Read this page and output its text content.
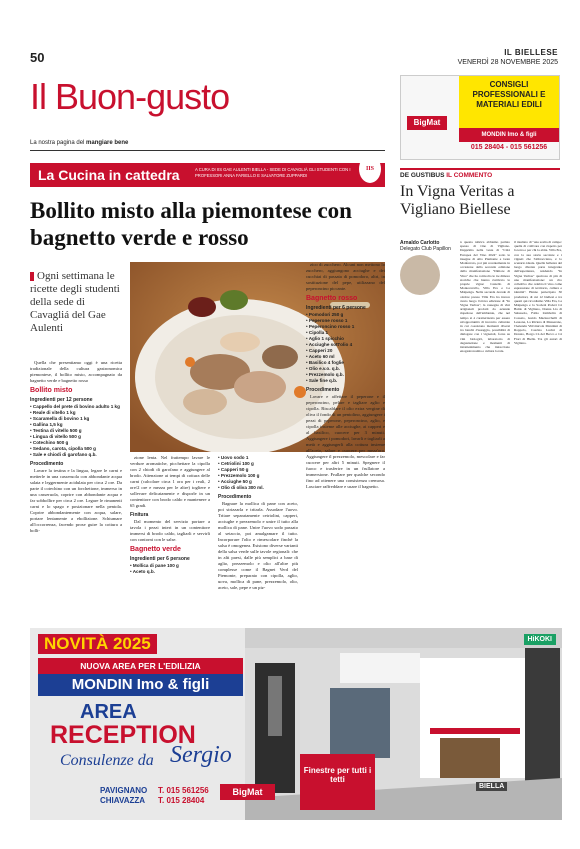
50	IL BIELLESE
VENERDÌ 28 NOVEMBRE 2025
Il Buon-gusto
La nostra pagina del mangiare bene
La Cucina in cattedra	A CURA DI IIS GAE AULENTI BIELLA - SEDE DI CAVAGLIÀ GLI STUDENTI CON I PROFESSORI ANNA FARIELLO E SALVATORE ZUPPARDI
IIS
Bollito misto alla piemontese con bagnetto verde e rosso
Ogni settimana le ricette degli studenti della sede di Cavagliá del Gae Aulenti

Quella che presentiamo oggi è una ricetta tradizionale della cultura gastronomica piemontese, il bollito misto, accompagnato da bagnetto verde e bagnetto rosso

Bollito misto
Ingredienti per 12 persone
• Cappello del prete di bovino adulto 1 kg
• Reale di vitello 1 kg
• Scaramella di bovino 1 kg
• Gallina 1,5 kg
• Testina di vitello 500 g
• Lingua di vitello 500 g
• Cotechino 500 g
• Sedano, carota, cipolla 500 g
• Sale e chiodi di garofano q.b.
Procedimento

Lavare la testina e la lingua, legare le carni e metterle in una casseruola con abbondante acqua salata e leggermente acidulata per circa 2 ore. Da parte il cotechino con un forchettone, immerso in una casseruola, coprire con abbondante acqua e far sobbollire per circa 2 ore. Legare le rimanenti carni e lo spago e posizionare nella pentola. Coprire abbondantemente con acqua, salare, portare lentamente a ebollizione. Schiumare all'occorrenza, facendo prose guire la cottura a bolli-

zione lenta. Nel frattempo lavare le verdure aromatiche, picchettare la cipolla con 2 chiodi di garofano e aggiungere al brodo. Attenzione ai tempi di cottura delle carni (calcolare circa 1 ora per i reali, 2 ore/2 ore e mezza per le altre) togliere e sollevare delicatamente e disporle in un contenitore con brodo caldo e mantenere a 65 gradi.

Finitura

Dal momento del servizio portare a tavola i pezzi interi in un contenitore immersi di brodo caldo, tagliarli e servirli con contorni con le salse.

Bagnetto verde
Ingredienti per 6 persone
• Mollica di pane 100 g
• Aceto q.b.
• Uovo sodo 1
• Cetriolini 100 g
• Capperi 50 g
• Prezzemolo 100 g
• Acciughe 50 g
• Olio di oliva 300 ml.
Procedimento

Bagnare la mollica di pane con aceto, poi strizzarla e tritarla. Assodare l'uovo. Tritare separatamente cetriolini, capperi, acciughe e prezzemolo e unire il tutto alla mollica di pane. Unire l'uovo sodo passato al setaccio, poi amalgamare il tutto. Incorporare l'olio e rimescolare finché la salsa è omogenea. Esistono diverse varianti della salsa verde sulle tavole regionali: che in alti paesi, dalle più semplici a base di aglio, prezzemolo e olio all'altre più complesse come il Bagnet Verd del Piemonte, preparato con cipolla, aglio, uova, mollica di pane, prezzemolo, olio, aceto, sale, pepe e un piz-

zico di zucchero. Alcuni non mettono lo zucchero, aggiungono acciughe e dei cucchiai di passata di pomodoro, altri, in sostituzione del pepe, utilizzano del peperoncino piccante.

Bagnetto rosso
Ingredienti per 6 persone
• Pomodori 250 g
• Peperone rosso 1
• Peperoncino rosso 1
• Cipolla 1
• Aglio 1 spicchio
• Acciughe sott'olio 4
• Capperi 20
• Aceto 60 ml
• Basilico 4 foglie
• Olio e.v.o. q.b.
• Prezzemolo q.b.
• Sale fine q.b.
Procedimento

Lavare e affettare il peperone e il peperoncino, pelare e tagliare aglio e cipolla. Riscaldare il olio extra vergine di oliva il fondo di un pentolino, aggiungere i pezzi di peperone, peperoncino, aglio, e cipolla insieme alle acciughe, ai capperi e al basilico, cuocere per 3 minuti. Aggiungere i pomodori, lavarli e tagliarli a metà e aggiungerli alla cottura insieme all'aceto, salare e cuocere per mezz'ora. Aggiungere il prezzemolo, mescolare e far cuocere per altri 5 minuti. Spegnere il fuoco e trasferire in un frullatore a immersione. Frullare per qualche secondo fino ad ottenere una consistenza cremosa. Lasciare raffreddare e usare il bagnetto.

CONSIGLI
PROFESSIONALI E
MATERIALI EDILI
BigMat
MONDIN Imo & figli
015 28404 - 015 561256
DE GUSTIBUS IL COMMENTO
In Vigna Veritas a Vigliano Biellese
Arnaldo Carlotto
Delegato Club Papillon

n questa rubrica abbiamo parlato spesso di vino di Vigliano. Dapprima nella veste di "Città Europea del Vino 2024" sotto le insegne di Alto Piemonte e Gran Monferrato, poi più recentemente in occasione della seconda edizione della manifestazione "Dimore di Vino" che ha coinvolto le tre dimore storiche che hanno riattivato le proprie vigne: Castello di Montecavallo, Villa Era e La Malpenga. Nella seconda decade di ottobre presso Villa Era ha invece avuto luogo l'ottava edizione di "In Vigna Veritas", la rassegna di vini artigianali prodotti da aziende rispettose dell'ambiente, che nel tempo si è caratterizzata per essere un'opportunità di incontro culturale in cui coesistono momenti diversi tra banchi d'assaggio, possibilità di dialogare con i vignaioli, focus su vini biologici, laboratorio di degustazione e momenti di intrattenimento che intrecciano enogastronomia e cultura locale.

il risultato di "una scelta di campo: quella di coltivare con rispetto per la terra e per chi la abita. Villa Era, con la sua storia secolare e i vigneti che l'abbracciano, è lo scenario ideale. Quella bellezza del luogo diventa parte integrante dell'esperienza, rendendo "In Vigna Veritas" qualcosa di più di una manifestazione: un rito collettivo che celebra il vino come espressione di territorio, cultura e identità". Hanno partecipato 30 produttori, di cui 12 biellesi e tra questi qui ricordiamo Villa Era, La Malpenga e la Società Poderi Cà Baldo di Vigliano, Donna Lia di Salussola, Fabio Zambolin di Cossato, Guido Mazzucchelli di Lessona, La Riviera di Masserano, l'Azienda Vitivinicola Mantinni di Roppolo, Cascina Lucini di Donato, Borgo Cà del Becco e Cà Fiori di Biella. Tra gli autori di Vigliano.

NOVITÀ 2025
NUOVA AREA PER L'EDILIZIA
MONDIN Imo & figli
AREA
RECEPTION
Consulenze da Sergio
PAVIGNANO
CHIAVAZZA
T. 015 561256
T. 015 28404
BigMat
HiKOKI
Finestre per tutti i tetti
BIELLA
